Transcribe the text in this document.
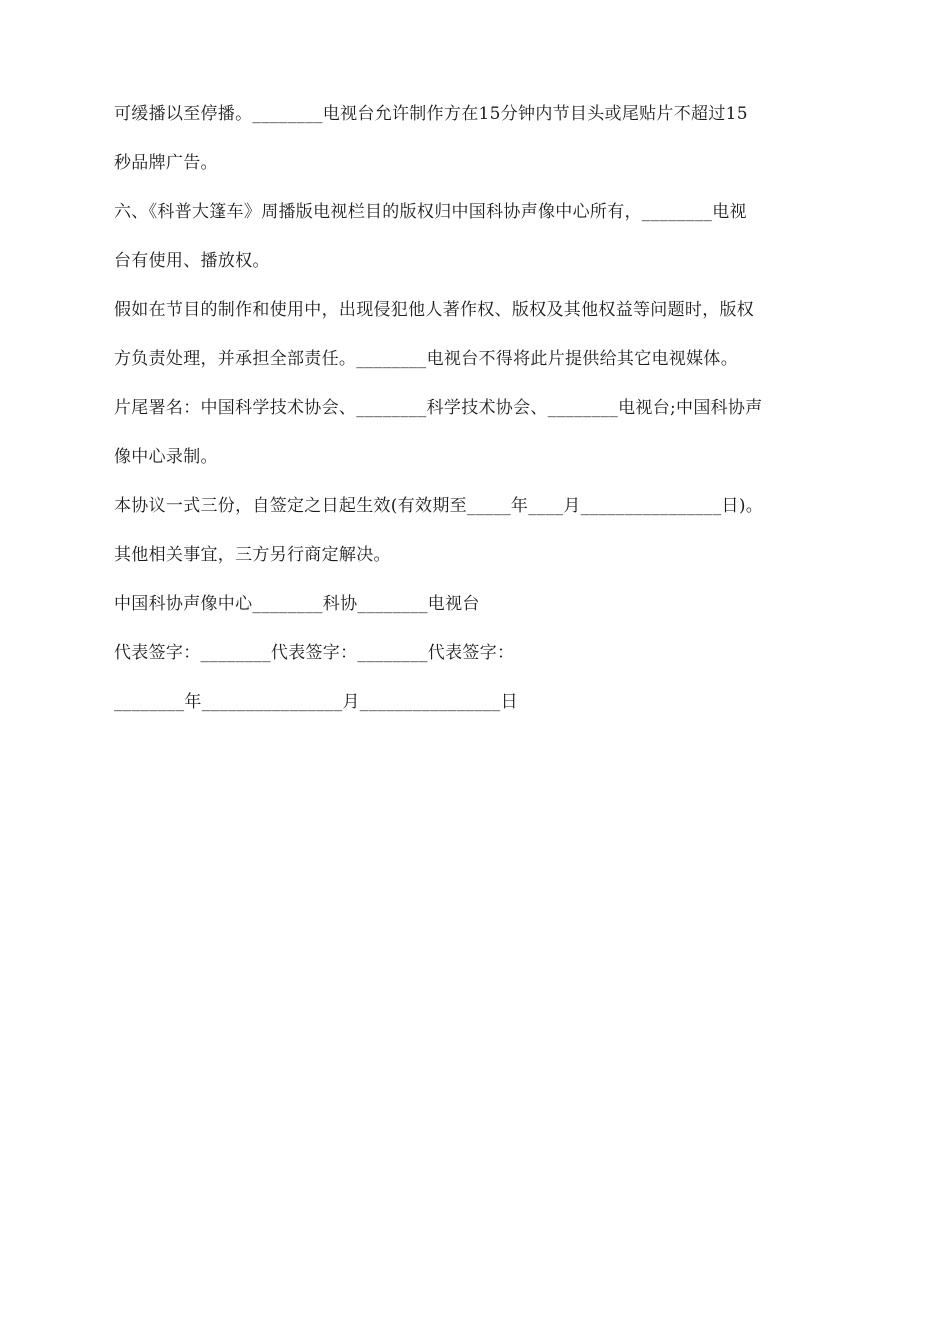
可缓播以至停播。________电视台允许制作方在15分钟内节目头或尾贴片不超过15
秒品牌广告。
六、《科普大篷车》周播版电视栏目的版权归中国科协声像中心所有，________电视
台有使用、播放权。
假如在节目的制作和使用中，出现侵犯他人著作权、版权及其他权益等问题时，版权
方负责处理，并承担全部责任。________电视台不得将此片提供给其它电视媒体。
片尾署名：中国科学技术协会、________科学技术协会、________电视台;中国科协声
像中心录制。
本协议一式三份，自签定之日起生效(有效期至_____年____月________________日)。
其他相关事宜，三方另行商定解决。
中国科协声像中心________科协________电视台
代表签字：________代表签字：________代表签字：
________年________________月________________日
